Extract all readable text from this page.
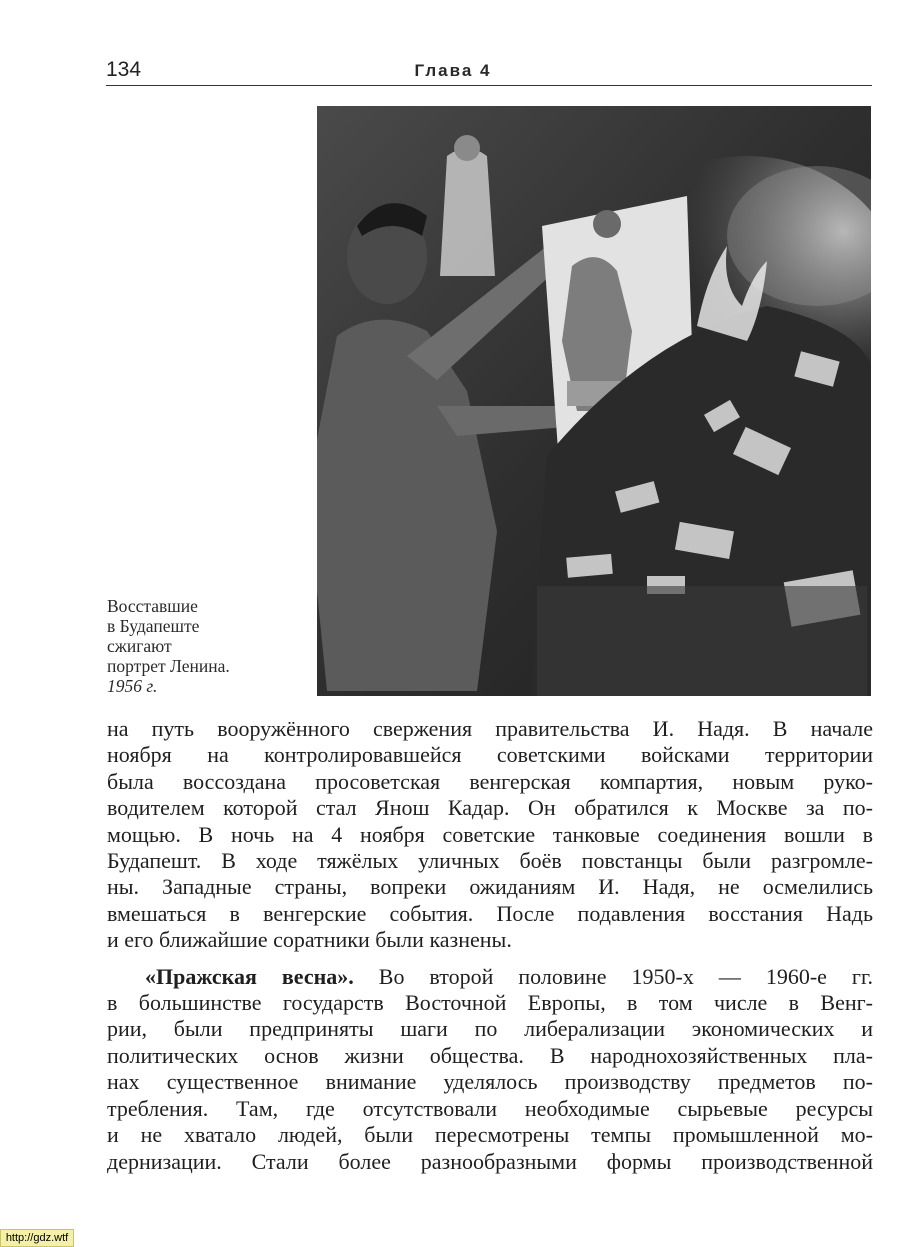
134	Глава 4
Восставшие
в Будапеште
сжигают
портрет Ленина.
1956 г.

на путь вооружённого свержения правительства И. Надя. В начале
ноября на контролировавшейся советскими войсками территории
была воссоздана просоветская венгерская компартия, новым руко-
водителем которой стал Янош Кадар. Он обратился к Москве за по-
мощью. В ночь на 4 ноября советские танковые соединения вошли в
Будапешт. В ходе тяжёлых уличных боёв повстанцы были разгромле-
ны. Западные страны, вопреки ожиданиям И. Надя, не осмелились
вмешаться в венгерские события. После подавления восстания Надь
и его ближайшие соратники были казнены.

«Пражская весна». Во второй половине 1950-х — 1960-е гг.
в большинстве государств Восточной Европы, в том числе в Венг-
рии, были предприняты шаги по либерализации экономических и
политических основ жизни общества. В народнохозяйственных пла-
нах существенное внимание уделялось производству предметов по-
требления. Там, где отсутствовали необходимые сырьевые ресурсы
и не хватало людей, были пересмотрены темпы промышленной мо-
дернизации. Стали более разнообразными формы производственной

http://gdz.wtf
